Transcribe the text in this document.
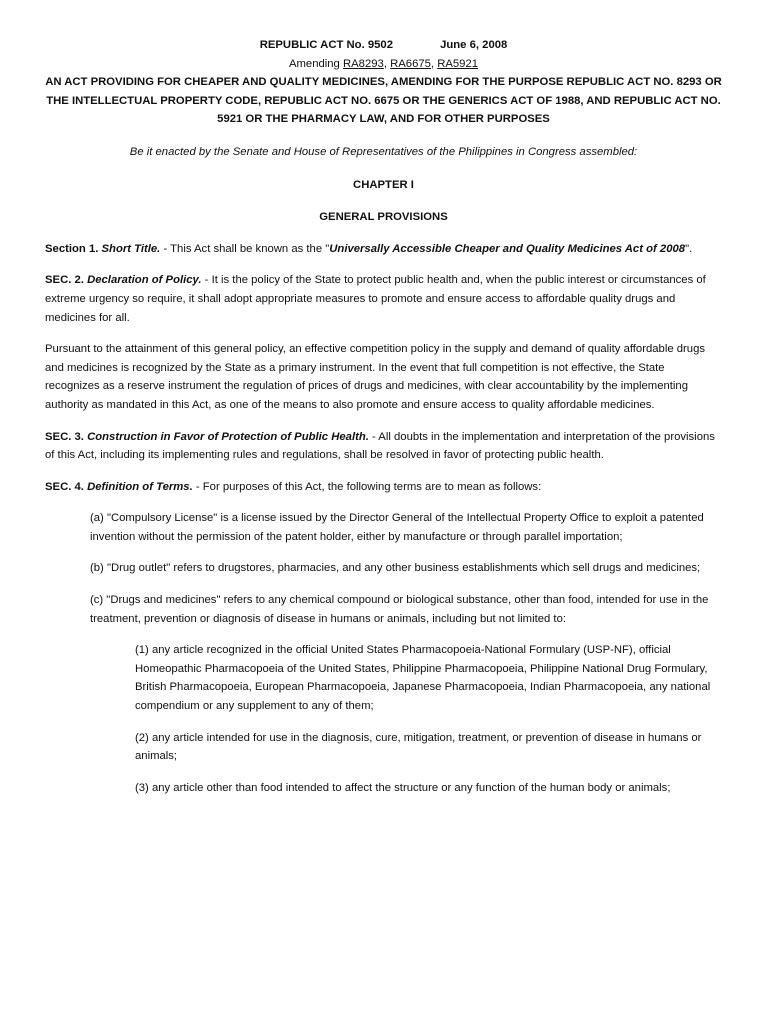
REPUBLIC ACT No. 9502	June 6, 2008
Amending RA8293, RA6675, RA5921
AN ACT PROVIDING FOR CHEAPER AND QUALITY MEDICINES, AMENDING FOR THE PURPOSE REPUBLIC ACT NO. 8293 OR THE INTELLECTUAL PROPERTY CODE, REPUBLIC ACT NO. 6675 OR THE GENERICS ACT OF 1988, AND REPUBLIC ACT NO. 5921 OR THE PHARMACY LAW, AND FOR OTHER PURPOSES
Be it enacted by the Senate and House of Representatives of the Philippines in Congress assembled:
CHAPTER I
GENERAL PROVISIONS

Section 1. Short Title. - This Act shall be known as the "Universally Accessible Cheaper and Quality Medicines Act of 2008".

SEC. 2. Declaration of Policy. - It is the policy of the State to protect public health and, when the public interest or circumstances of extreme urgency so require, it shall adopt appropriate measures to promote and ensure access to affordable quality drugs and medicines for all.

Pursuant to the attainment of this general policy, an effective competition policy in the supply and demand of quality affordable drugs and medicines is recognized by the State as a primary instrument. In the event that full competition is not effective, the State recognizes as a reserve instrument the regulation of prices of drugs and medicines, with clear accountability by the implementing authority as mandated in this Act, as one of the means to also promote and ensure access to quality affordable medicines.

SEC. 3. Construction in Favor of Protection of Public Health. - All doubts in the implementation and interpretation of the provisions of this Act, including its implementing rules and regulations, shall be resolved in favor of protecting public health.

SEC. 4. Definition of Terms. - For purposes of this Act, the following terms are to mean as follows:

(a) "Compulsory License" is a license issued by the Director General of the Intellectual Property Office to exploit a patented invention without the permission of the patent holder, either by manufacture or through parallel importation;

(b) "Drug outlet" refers to drugstores, pharmacies, and any other business establishments which sell drugs and medicines;

(c) "Drugs and medicines" refers to any chemical compound or biological substance, other than food, intended for use in the treatment, prevention or diagnosis of disease in humans or animals, including but not limited to:

(1) any article recognized in the official United States Pharmacopoeia-National Formulary (USP-NF), official Homeopathic Pharmacopoeia of the United States, Philippine Pharmacopoeia, Philippine National Drug Formulary, British Pharmacopoeia, European Pharmacopoeia, Japanese Pharmacopoeia, Indian Pharmacopoeia, any national compendium or any supplement to any of them;

(2) any article intended for use in the diagnosis, cure, mitigation, treatment, or prevention of disease in humans or animals;

(3) any article other than food intended to affect the structure or any function of the human body or animals;
